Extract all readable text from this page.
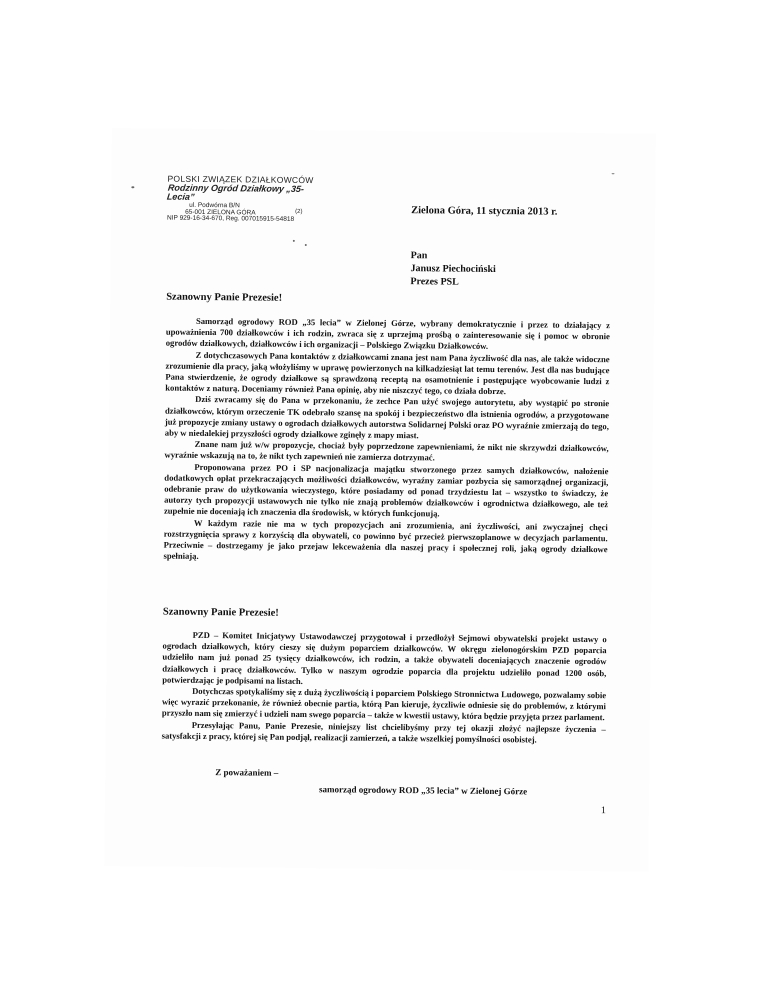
POLSKI ZWIĄZEK DZIAŁKOWCÓW
Rodzinny Ogród Działkowy „35-Lecia”
ul. Podwórna B/N
65-001 ZIELONA GÓRA
NIP 929-16-34-670, Reg. 007015915-54818
(2)	Zielona Góra, 11 stycznia 2013 r.
Pan
Janusz Piechociński
Prezes PSL
Szanowny Panie Prezesie!

Samorząd ogrodowy ROD „35 lecia” w Zielonej Górze, wybrany demokratycznie i przez to działający z upoważnienia 700 działkowców i ich rodzin, zwraca się z uprzejmą prośbą o zainteresowanie się i pomoc w obronie ogrodów działkowych, działkowców i ich organizacji – Polskiego Związku Działkowców.

Z dotychczasowych Pana kontaktów z działkowcami znana jest nam Pana życzliwość dla nas, ale także widoczne zrozumienie dla pracy, jaką włożyliśmy w uprawę powierzonych na kilkadziesiąt lat temu terenów. Jest dla nas budujące Pana stwierdzenie, że ogrody działkowe są sprawdzoną receptą na osamotnienie i postępujące wyobcowanie ludzi z kontaktów z naturą. Doceniamy również Pana opinię, aby nie niszczyć tego, co działa dobrze.

Dziś zwracamy się do Pana w przekonaniu, że zechce Pan użyć swojego autorytetu, aby wystąpić po stronie działkowców, którym orzeczenie TK odebrało szansę na spokój i bezpieczeństwo dla istnienia ogrodów, a przygotowane już propozycje zmiany ustawy o ogrodach działkowych autorstwa Solidarnej Polski oraz PO wyraźnie zmierzają do tego, aby w niedalekiej przyszłości ogrody działkowe zginęły z mapy miast.

Znane nam już w/w propozycje, chociaż były poprzedzone zapewnieniami, że nikt nie skrzywdzi działkowców, wyraźnie wskazują na to, że nikt tych zapewnień nie zamierza dotrzymać.

Proponowana przez PO i SP nacjonalizacja majątku stworzonego przez samych działkowców, nałożenie dodatkowych opłat przekraczających możliwości działkowców, wyraźny zamiar pozbycia się samorządnej organizacji, odebranie praw do użytkowania wieczystego, które posiadamy od ponad trzydziestu lat – wszystko to świadczy, że autorzy tych propozycji ustawowych nie tylko nie znają problemów działkowców i ogrodnictwa działkowego, ale też zupełnie nie doceniają ich znaczenia dla środowisk, w których funkcjonują.

W każdym razie nie ma w tych propozycjach ani zrozumienia, ani życzliwości, ani zwyczajnej chęci rozstrzygnięcia sprawy z korzyścią dla obywateli, co powinno być przecież pierwszoplanowe w decyzjach parlamentu. Przeciwnie – dostrzegamy je jako przejaw lekceważenia dla naszej pracy i społecznej roli, jaką ogrody działkowe spełniają.

Szanowny Panie Prezesie!

PZD – Komitet Inicjatywy Ustawodawczej przygotował i przedłożył Sejmowi obywatelski projekt ustawy o ogrodach działkowych, który cieszy się dużym poparciem działkowców. W okręgu zielonogórskim PZD poparcia udzieliło nam już ponad 25 tysięcy działkowców, ich rodzin, a także obywateli doceniających znaczenie ogrodów działkowych i pracę działkowców. Tylko w naszym ogrodzie poparcia dla projektu udzieliło ponad 1200 osób, potwierdzając je podpisami na listach.

Dotychczas spotykaliśmy się z dużą życzliwością i poparciem Polskiego Stronnictwa Ludowego, pozwalamy sobie więc wyrazić przekonanie, że również obecnie partia, którą Pan kieruje, życzliwie odniesie się do problemów, z którymi przyszło nam się zmierzyć i udzieli nam swego poparcia – także w kwestii ustawy, która będzie przyjęta przez parlament.

Przesyłając Panu, Panie Prezesie, niniejszy list chcielibyśmy przy tej okazji złożyć najlepsze życzenia – satysfakcji z pracy, której się Pan podjął, realizacji zamierzeń, a także wszelkiej pomyślności osobistej.

Z poważaniem –
samorząd ogrodowy ROD „35 lecia” w Zielonej Górze
1
